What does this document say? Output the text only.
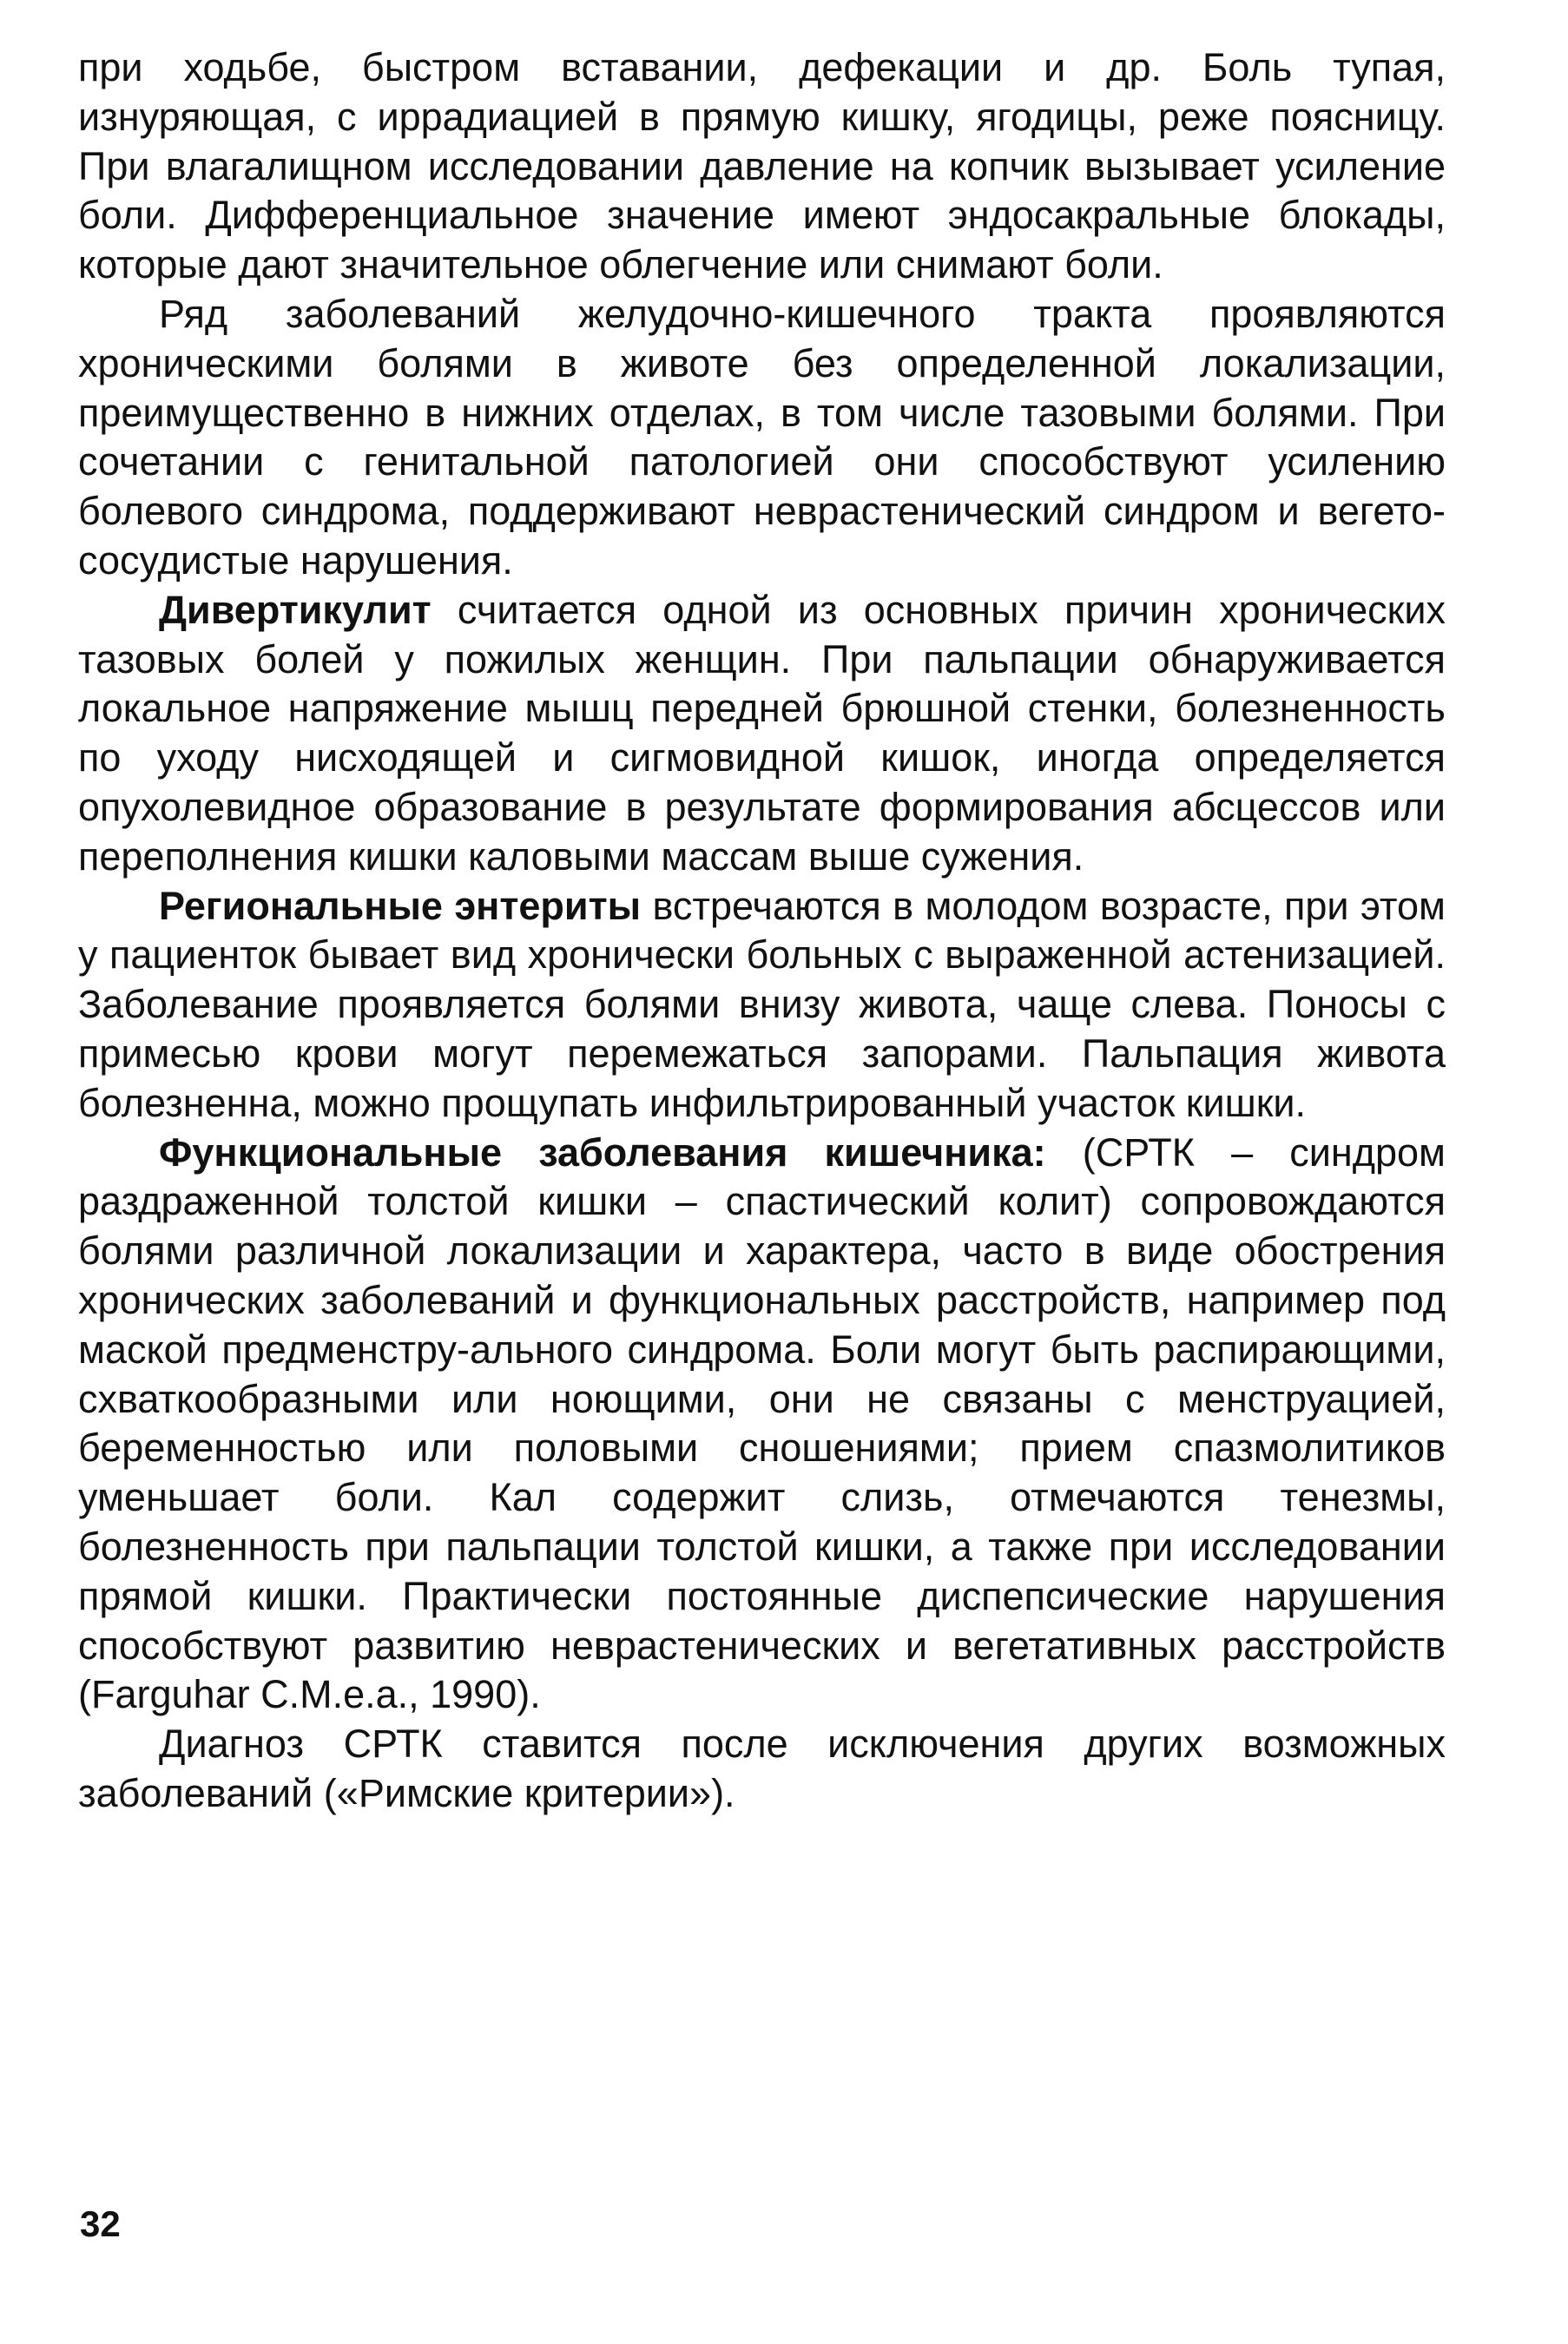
при ходьбе, быстром вставании, дефекации и др. Боль тупая, изнуряющая, с иррадиацией в прямую кишку, ягодицы, реже поясницу. При влагалищном исследовании давление на копчик вызывает усиление боли. Дифференциальное значение имеют эндосакральные блокады, которые дают значительное облегчение или снимают боли.

Ряд заболеваний желудочно-кишечного тракта проявляются хроническими болями в животе без определенной локализации, преимущественно в нижних отделах, в том числе тазовыми болями. При сочетании с генитальной патологией они способствуют усилению болевого синдрома, поддерживают неврастенический синдром и вегето-сосудистые нарушения.

Дивертикулит считается одной из основных причин хронических тазовых болей у пожилых женщин. При пальпации обнаруживается локальное напряжение мышц передней брюшной стенки, болезненность по уходу нисходящей и сигмовидной кишок, иногда определяется опухолевидное образование в результате формирования абсцессов или переполнения кишки каловыми массам выше сужения.

Региональные энтериты встречаются в молодом возрасте, при этом у пациенток бывает вид хронически больных с выраженной астенизацией. Заболевание проявляется болями внизу живота, чаще слева. Поносы с примесью крови могут перемежаться запорами. Пальпация живота болезненна, можно прощупать инфильтрированный участок кишки.

Функциональные заболевания кишечника: (СРТК – синдром раздраженной толстой кишки – спастический колит) сопровождаются болями различной локализации и характера, часто в виде обострения хронических заболеваний и функциональных расстройств, например под маской предменстру-ального синдрома. Боли могут быть распирающими, схваткообразными или ноющими, они не связаны с менструацией, беременностью или половыми сношениями; прием спазмолитиков уменьшает боли. Кал содержит слизь, отмечаются тенезмы, болезненность при пальпации толстой кишки, а также при исследовании прямой кишки. Практически постоянные диспепсические нарушения способствуют развитию неврастенических и вегетативных расстройств (Farguhar C.M.e.a., 1990).

Диагноз СРТК ставится после исключения других возможных заболеваний («Римские критерии»).

32
